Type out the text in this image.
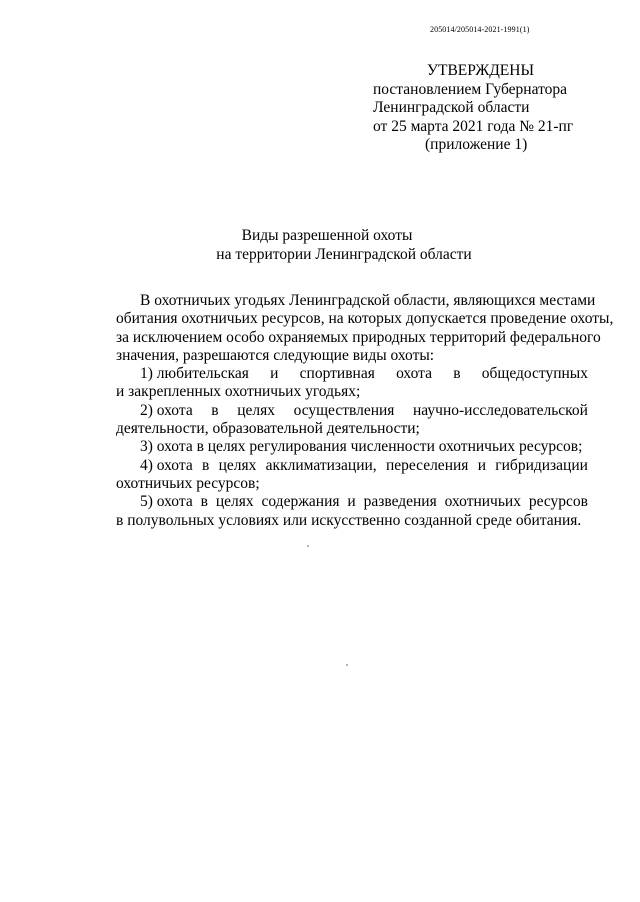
205014/205014-2021-1991(1)
УТВЕРЖДЕНЫ
постановлением Губернатора
Ленинградской области
от 25 марта 2021 года № 21-пг
(приложение 1)
Виды разрешенной охоты
на территории Ленинградской области
В охотничьих угодьях Ленинградской области, являющихся местами
обитания охотничьих ресурсов, на которых допускается проведение охоты,
за исключением особо охраняемых природных территорий федерального
значения, разрешаются следующие виды охоты:
1) любительская и спортивная охота в общедоступных
и закрепленных охотничьих угодьях;
2) охота в целях осуществления научно-исследовательской
деятельности, образовательной деятельности;
3) охота в целях регулирования численности охотничьих ресурсов;
4) охота в целях акклиматизации, переселения и гибридизации
охотничьих ресурсов;
5) охота в целях содержания и разведения охотничьих ресурсов
в полувольных условиях или искусственно созданной среде обитания.
